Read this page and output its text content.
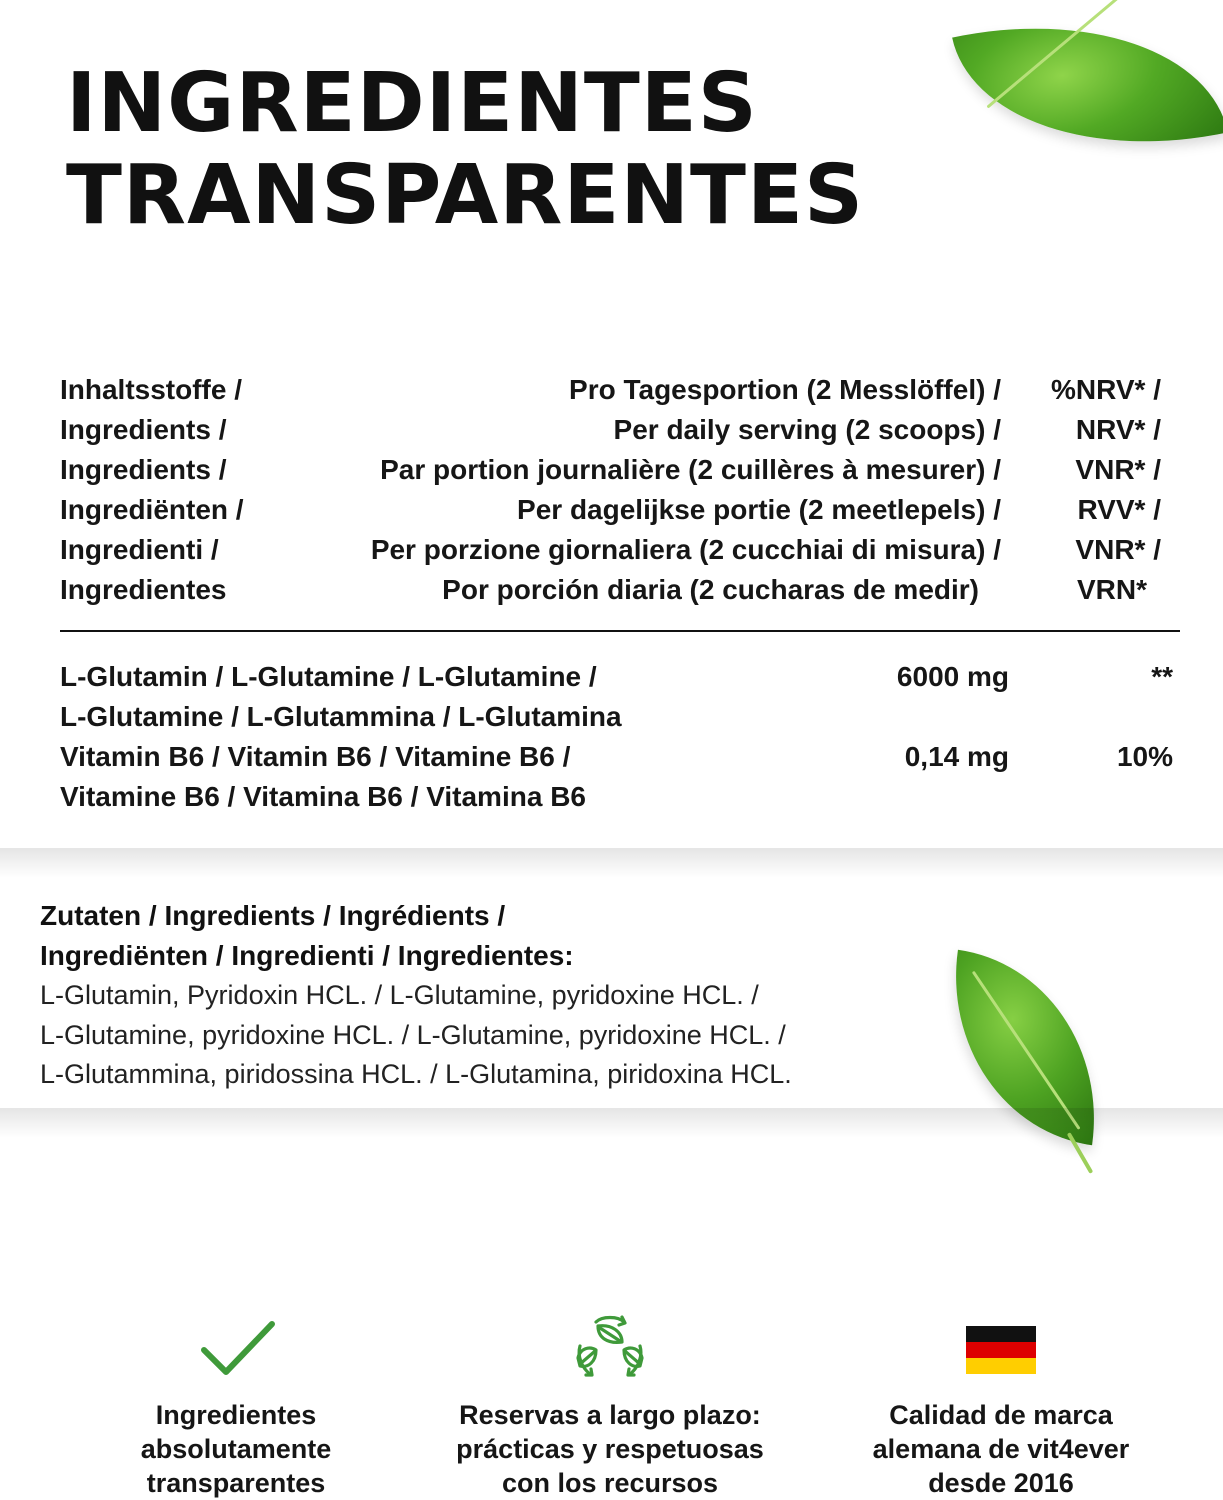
INGREDIENTES
TRANSPARENTES
Inhaltsstoffe /	Pro Tagesportion (2 Messlöffel) / %NRV* /
Ingredients /	Per daily serving (2 scoops) /	NRV* /
Ingredients /	Par portion journalière (2 cuillères à mesurer) /	VNR* /
Ingrediënten /	Per dagelijkse portie (2 meetlepels) /	RVV* /
Ingredienti /	Per porzione giornaliera (2 cucchiai di misura) /	VNR* /
Ingredientes	Por porción diaria (2 cucharas de medir)	VRN*
L-Glutamin / L-Glutamine / L-Glutamine /
L-Glutamine / L-Glutammina / L-Glutamina
6000 mg	**
Vitamin B6 / Vitamin B6 / Vitamine B6 /
Vitamine B6 / Vitamina B6 / Vitamina B6
0,14 mg	10%
Zutaten / Ingredients / Ingrédients /
Ingrediënten / Ingredienti / Ingredientes:
L-Glutamin, Pyridoxin HCL. / L-Glutamine, pyridoxine HCL. /
L-Glutamine, pyridoxine HCL. / L-Glutamine, pyridoxine HCL. /
L-Glutammina, piridossina HCL. / L-Glutamina, piridoxina HCL.
Ingredientes
absolutamente
transparentes
Reservas a largo plazo:
prácticas y respetuosas
con los recursos
Calidad de marca
alemana de vit4ever
desde 2016
